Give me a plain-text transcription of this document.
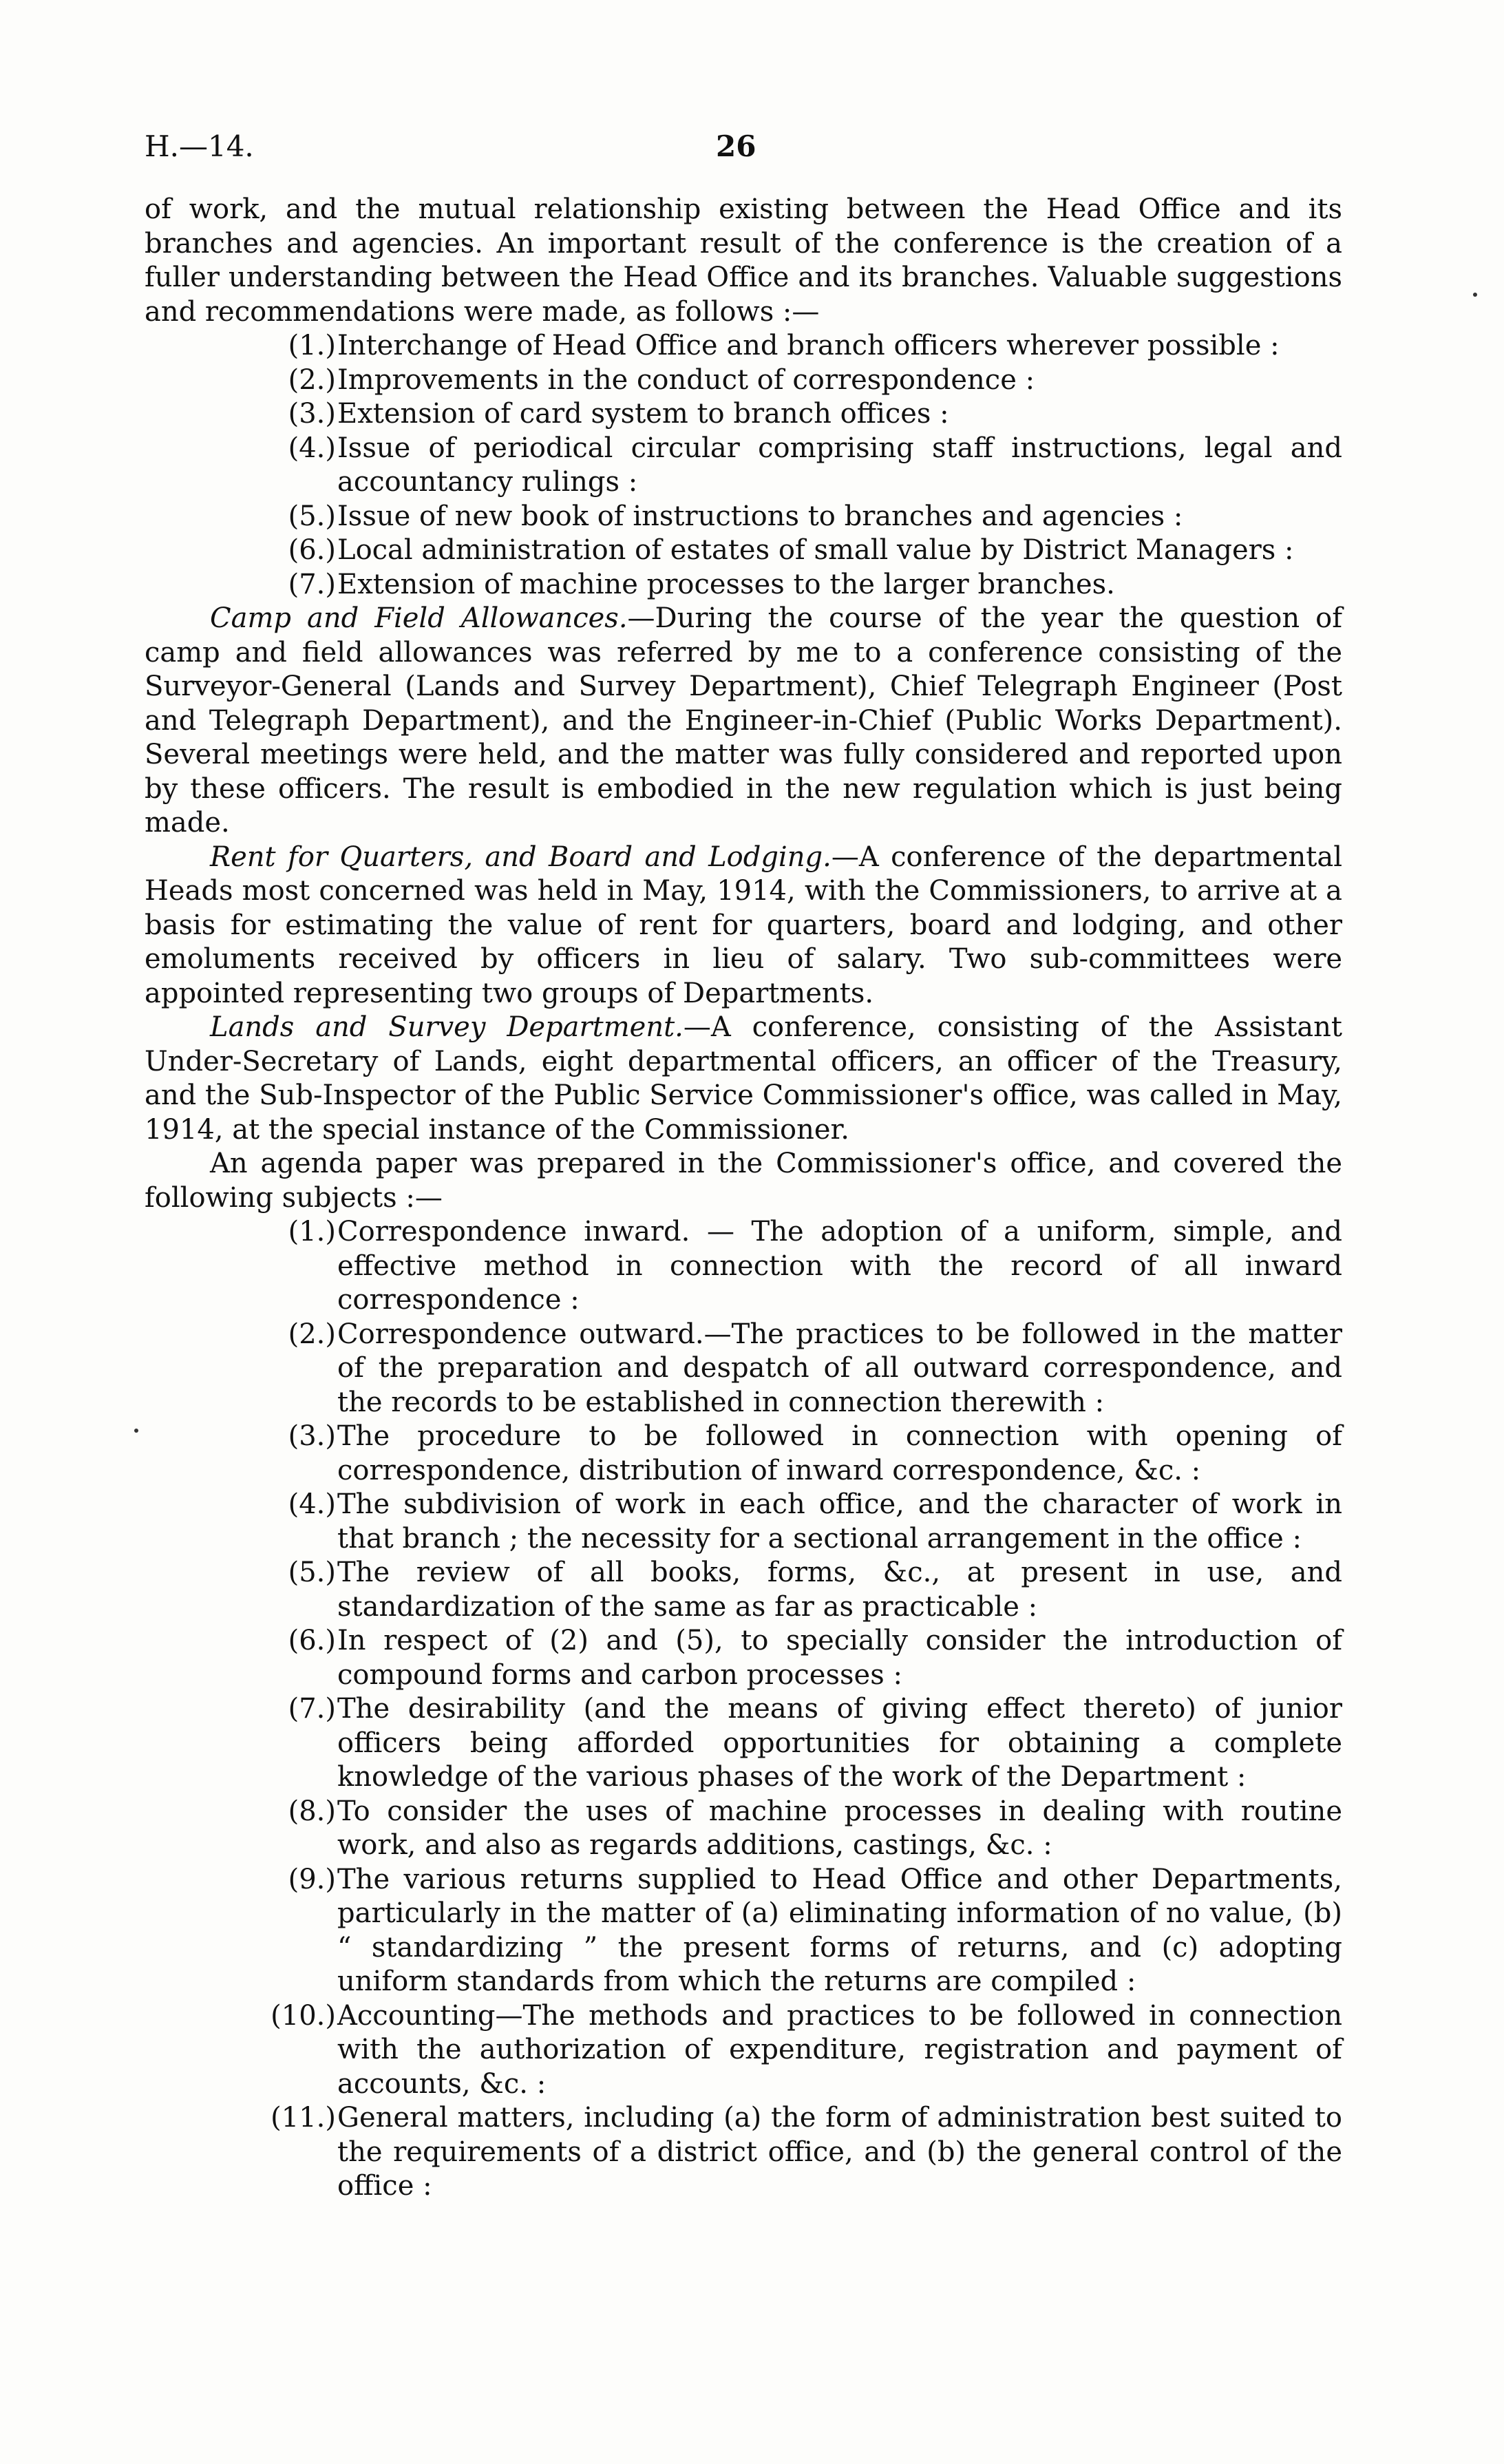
H.—14.	26

of work, and the mutual relationship existing between the Head Office and its branches and agencies. An important result of the conference is the creation of a fuller understanding between the Head Office and its branches. Valuable suggestions and recommendations were made, as follows :—

(1.) Interchange of Head Office and branch officers wherever possible :
(2.) Improvements in the conduct of correspondence :
(3.) Extension of card system to branch offices :
(4.) Issue of periodical circular comprising staff instructions, legal and accountancy rulings :
(5.) Issue of new book of instructions to branches and agencies :
(6.) Local administration of estates of small value by District Managers :
(7.) Extension of machine processes to the larger branches.

Camp and Field Allowances.—During the course of the year the question of camp and field allowances was referred by me to a conference consisting of the Surveyor-General (Lands and Survey Department), Chief Telegraph Engineer (Post and Telegraph Department), and the Engineer-in-Chief (Public Works Department). Several meetings were held, and the matter was fully considered and reported upon by these officers. The result is embodied in the new regulation which is just being made.

Rent for Quarters, and Board and Lodging.—A conference of the departmental Heads most concerned was held in May, 1914, with the Commissioners, to arrive at a basis for estimating the value of rent for quarters, board and lodging, and other emoluments received by officers in lieu of salary. Two sub-committees were appointed representing two groups of Departments.

Lands and Survey Department.—A conference, consisting of the Assistant Under-Secretary of Lands, eight departmental officers, an officer of the Treasury, and the Sub-Inspector of the Public Service Commissioner's office, was called in May, 1914, at the special instance of the Commissioner.

An agenda paper was prepared in the Commissioner's office, and covered the following subjects :—

(1.) Correspondence inward. — The adoption of a uniform, simple, and effective method in connection with the record of all inward correspondence :
(2.) Correspondence outward.—The practices to be followed in the matter of the preparation and despatch of all outward correspondence, and the records to be established in connection therewith :
(3.) The procedure to be followed in connection with opening of correspondence, distribution of inward correspondence, &c. :
(4.) The subdivision of work in each office, and the character of work in that branch ; the necessity for a sectional arrangement in the office :
(5.) The review of all books, forms, &c., at present in use, and standardization of the same as far as practicable :
(6.) In respect of (2) and (5), to specially consider the introduction of compound forms and carbon processes :
(7.) The desirability (and the means of giving effect thereto) of junior officers being afforded opportunities for obtaining a complete knowledge of the various phases of the work of the Department :
(8.) To consider the uses of machine processes in dealing with routine work, and also as regards additions, castings, &c. :
(9.) The various returns supplied to Head Office and other Departments, particularly in the matter of (a) eliminating information of no value, (b) “ standardizing ” the present forms of returns, and (c) adopting uniform standards from which the returns are compiled :
(10.) Accounting—The methods and practices to be followed in connection with the authorization of expenditure, registration and payment of accounts, &c. :
(11.) General matters, including (a) the form of administration best suited to the requirements of a district office, and (b) the general control of the office :
